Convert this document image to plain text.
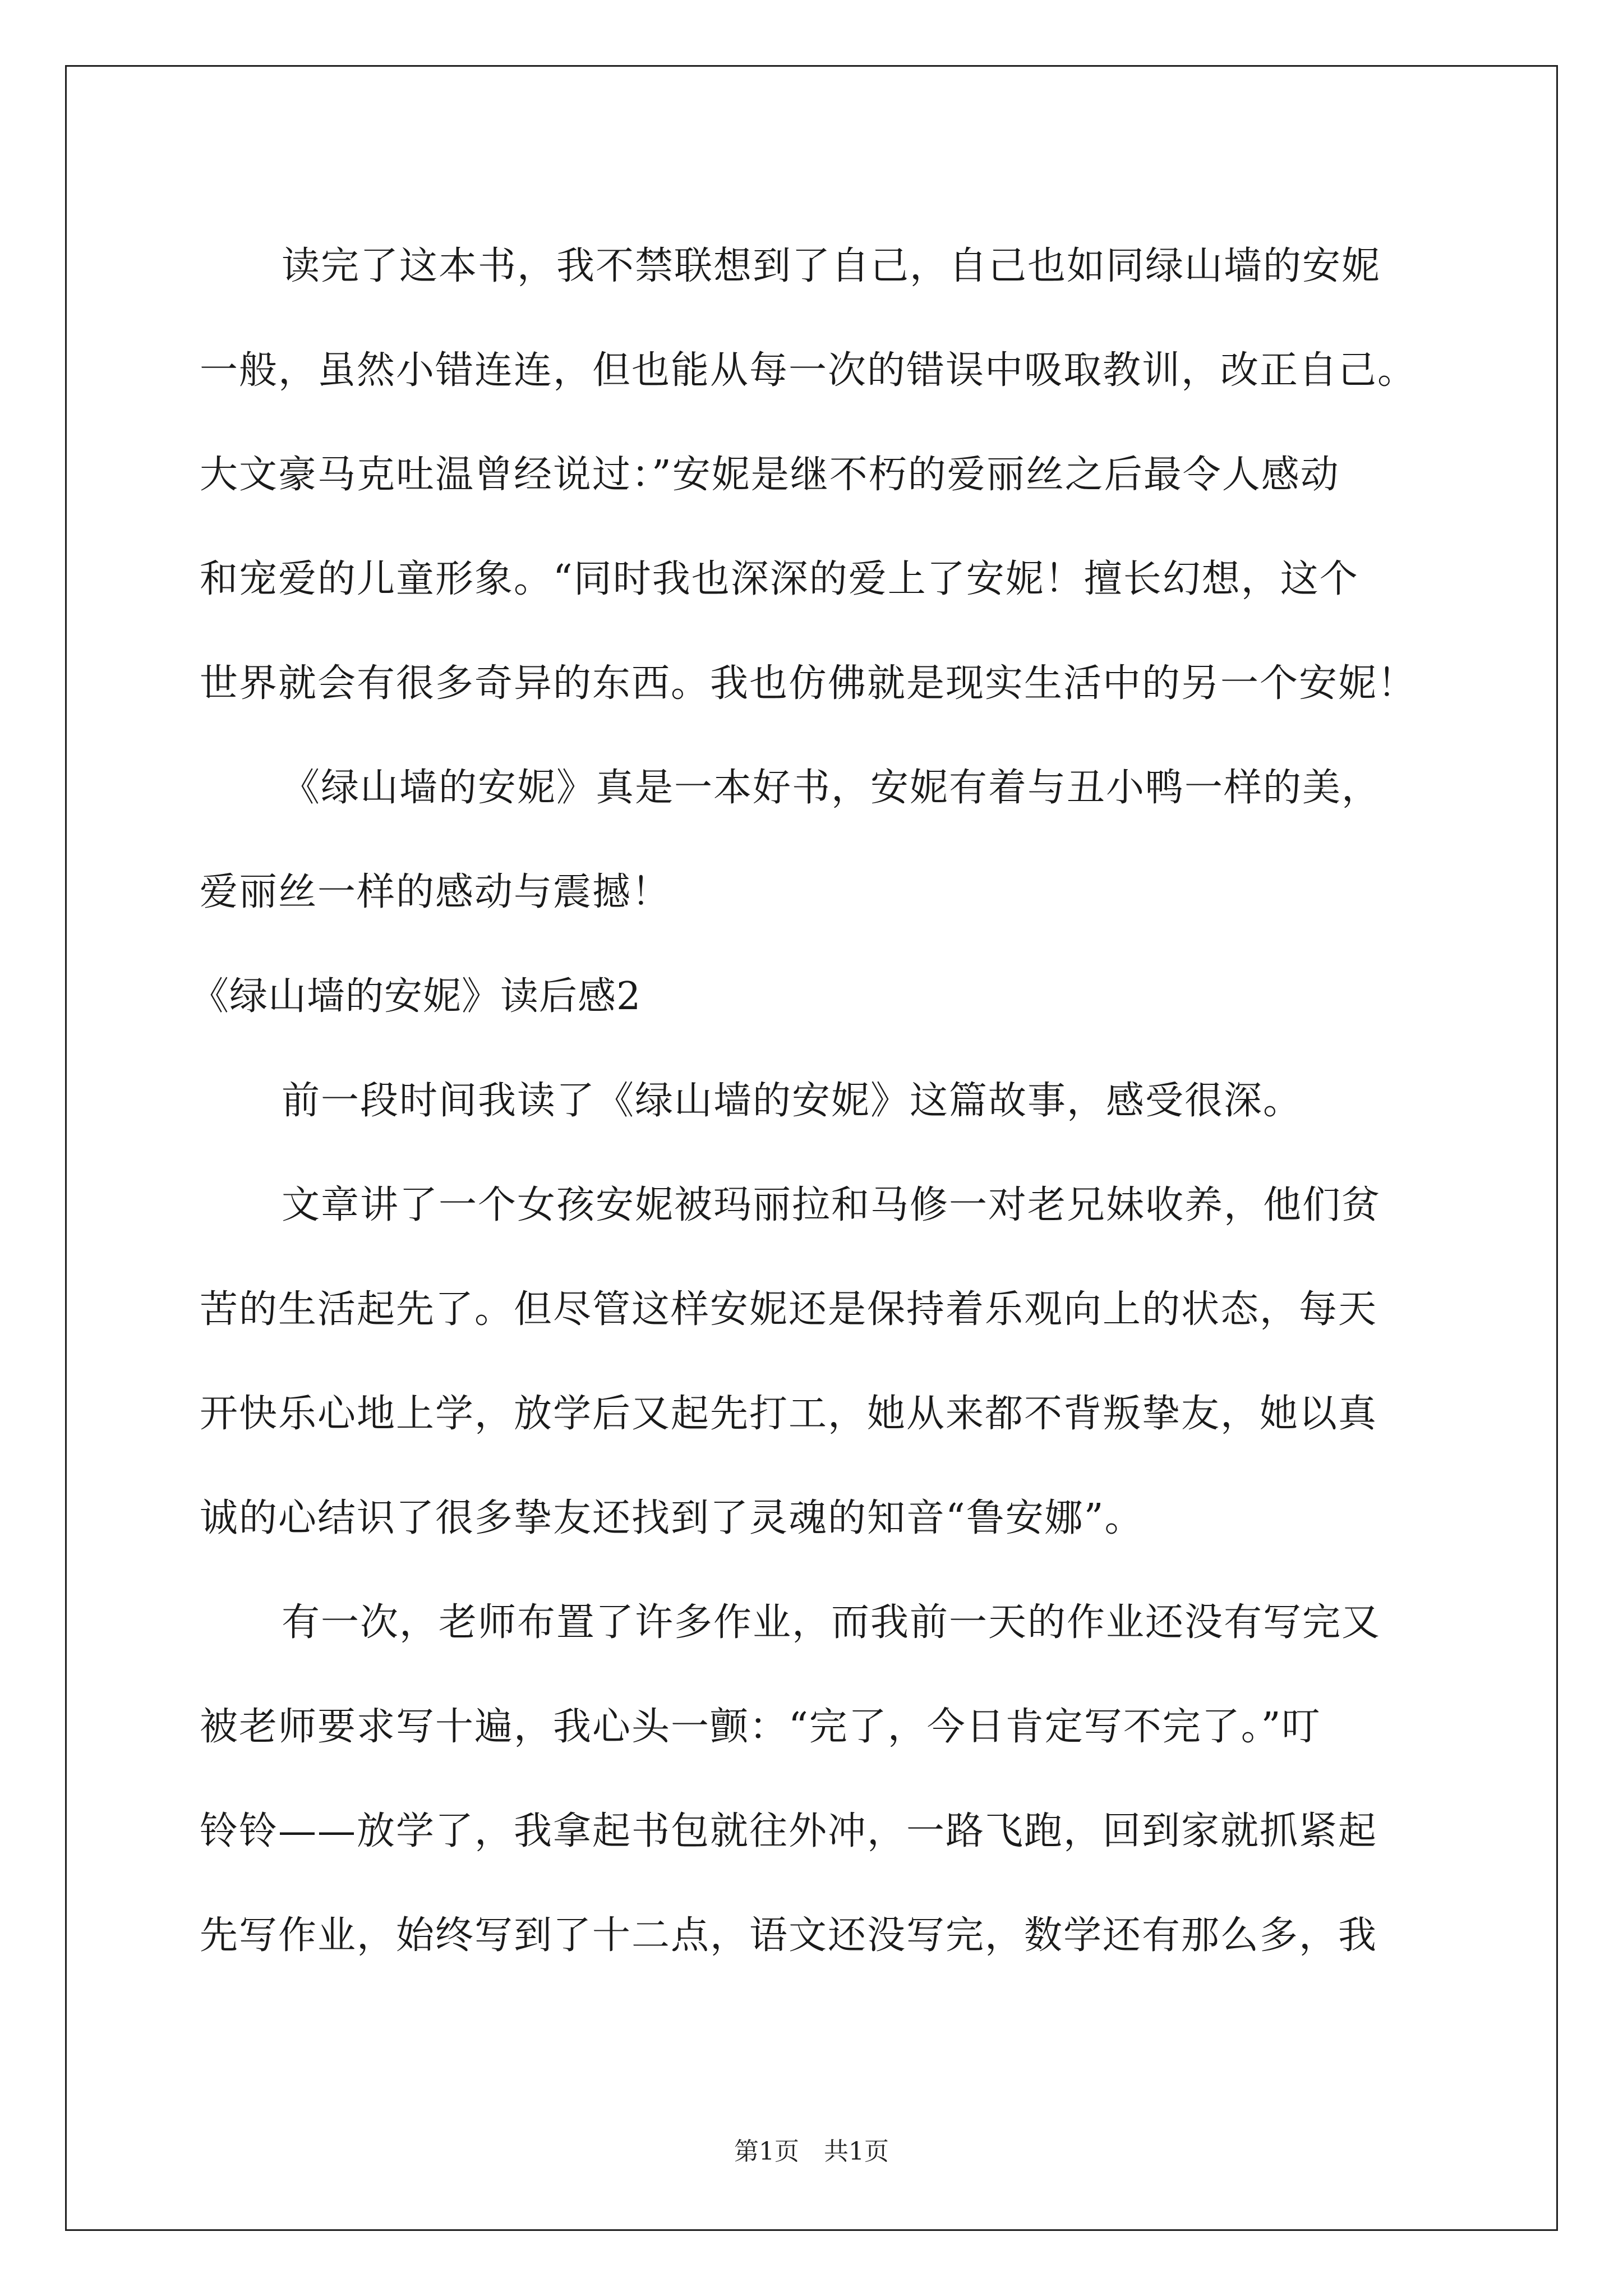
读完了这本书，我不禁联想到了自己，自己也如同绿山墙的安妮
一般，虽然小错连连，但也能从每一次的错误中吸取教训，改正自己。
大文豪马克吐温曾经说过：”安妮是继不朽的爱丽丝之后最令人感动
和宠爱的儿童形象。“同时我也深深的爱上了安妮！擅长幻想，这个
世界就会有很多奇异的东西。我也仿佛就是现实生活中的另一个安妮！
《绿山墙的安妮》真是一本好书，安妮有着与丑小鸭一样的美，
爱丽丝一样的感动与震撼！
《绿山墙的安妮》读后感2
前一段时间我读了《绿山墙的安妮》这篇故事，感受很深。
文章讲了一个女孩安妮被玛丽拉和马修一对老兄妹收养，他们贫
苦的生活起先了。但尽管这样安妮还是保持着乐观向上的状态，每天
开快乐心地上学，放学后又起先打工，她从来都不背叛挚友，她以真
诚的心结识了很多挚友还找到了灵魂的知音“鲁安娜”。
有一次，老师布置了许多作业，而我前一天的作业还没有写完又
被老师要求写十遍，我心头一颤：“完了，今日肯定写不完了。”叮
铃铃——放学了，我拿起书包就往外冲，一路飞跑，回到家就抓紧起
先写作业，始终写到了十二点，语文还没写完，数学还有那么多，我
第1页 共1页
